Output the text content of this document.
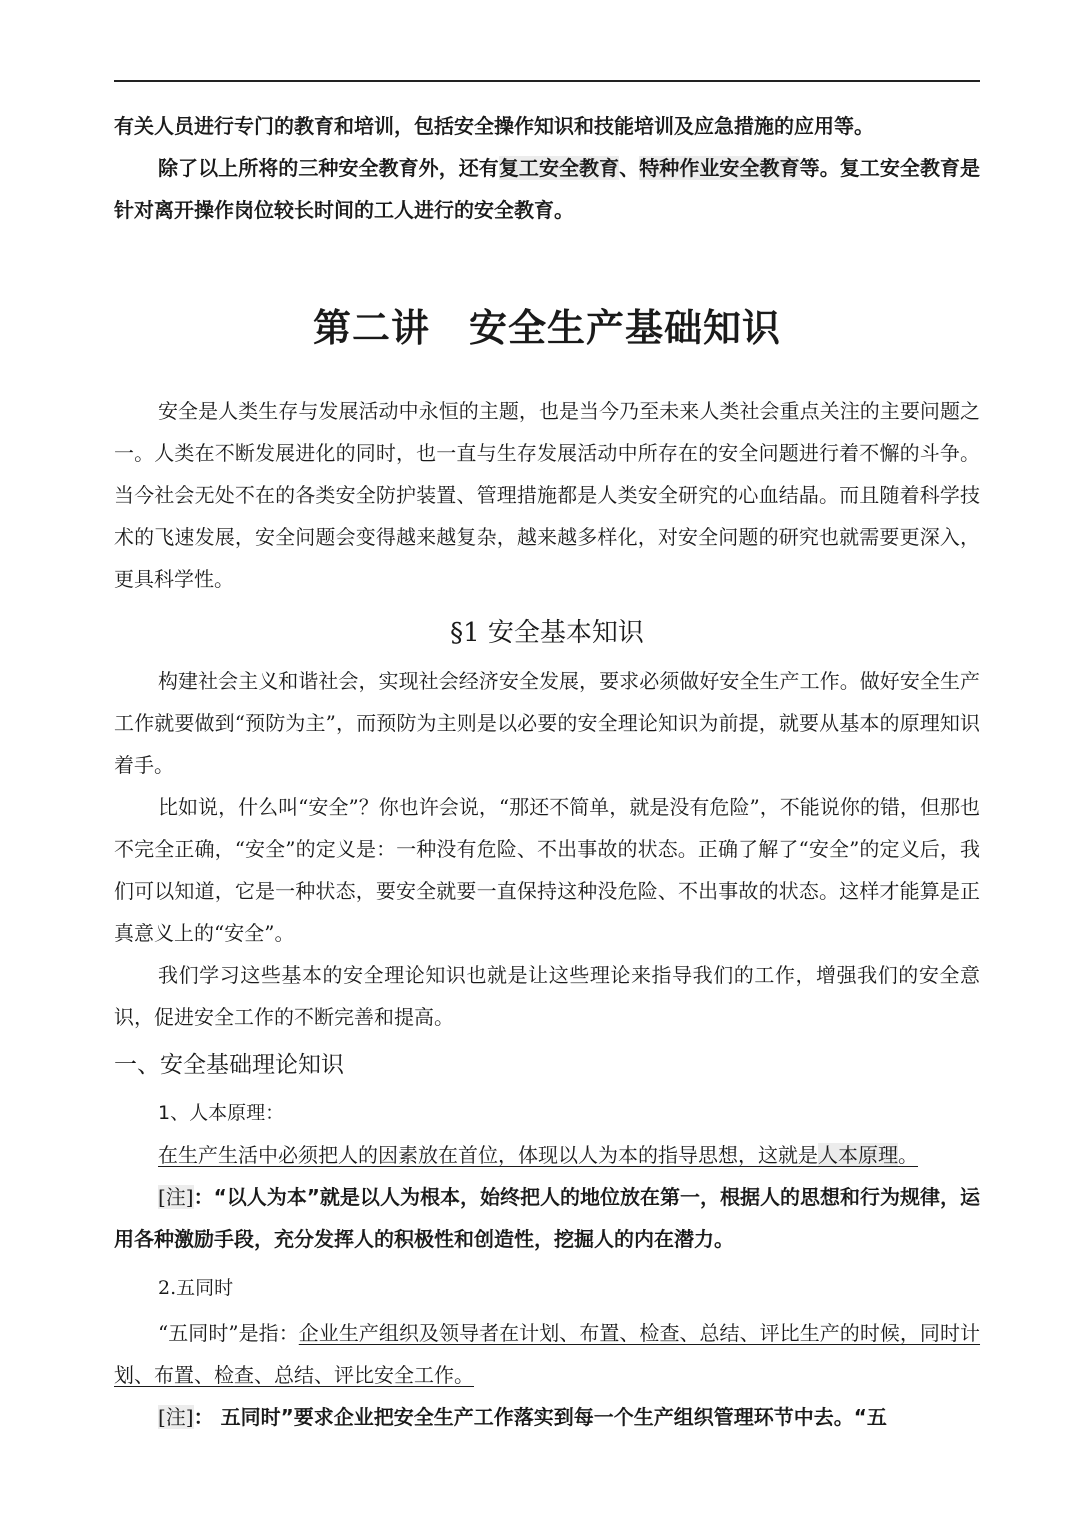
有关人员进行专门的教育和培训，包括安全操作知识和技能培训及应急措施的应用等。

除了以上所将的三种安全教育外，还有复工安全教育、特种作业安全教育等。复工安全教育是针对离开操作岗位较长时间的工人进行的安全教育。

第二讲　安全生产基础知识

安全是人类生存与发展活动中永恒的主题，也是当今乃至未来人类社会重点关注的主要问题之一。人类在不断发展进化的同时，也一直与生存发展活动中所存在的安全问题进行着不懈的斗争。当今社会无处不在的各类安全防护装置、管理措施都是人类安全研究的心血结晶。而且随着科学技术的飞速发展，安全问题会变得越来越复杂，越来越多样化，对安全问题的研究也就需要更深入，更具科学性。

§1 安全基本知识

构建社会主义和谐社会，实现社会经济安全发展，要求必须做好安全生产工作。做好安全生产工作就要做到“预防为主”，而预防为主则是以必要的安全理论知识为前提，就要从基本的原理知识着手。

比如说，什么叫“安全”？你也许会说，“那还不简单，就是没有危险”，不能说你的错，但那也不完全正确，“安全”的定义是：一种没有危险、不出事故的状态。正确了解了“安全”的定义后，我们可以知道，它是一种状态，要安全就要一直保持这种没危险、不出事故的状态。这样才能算是正真意义上的“安全”。

我们学习这些基本的安全理论知识也就是让这些理论来指导我们的工作，增强我们的安全意识，促进安全工作的不断完善和提高。

一、安全基础理论知识

1、人本原理：

在生产生活中必须把人的因素放在首位，体现以人为本的指导思想，这就是人本原理。

[注]：“以人为本”就是以人为根本，始终把人的地位放在第一，根据人的思想和行为规律，运用各种激励手段，充分发挥人的积极性和创造性，挖掘人的内在潜力。

2.五同时

“五同时”是指：企业生产组织及领导者在计划、布置、检查、总结、评比生产的时候，同时计划、布置、检查、总结、评比安全工作。

[注]： 五同时”要求企业把安全生产工作落实到每一个生产组织管理环节中去。“五
